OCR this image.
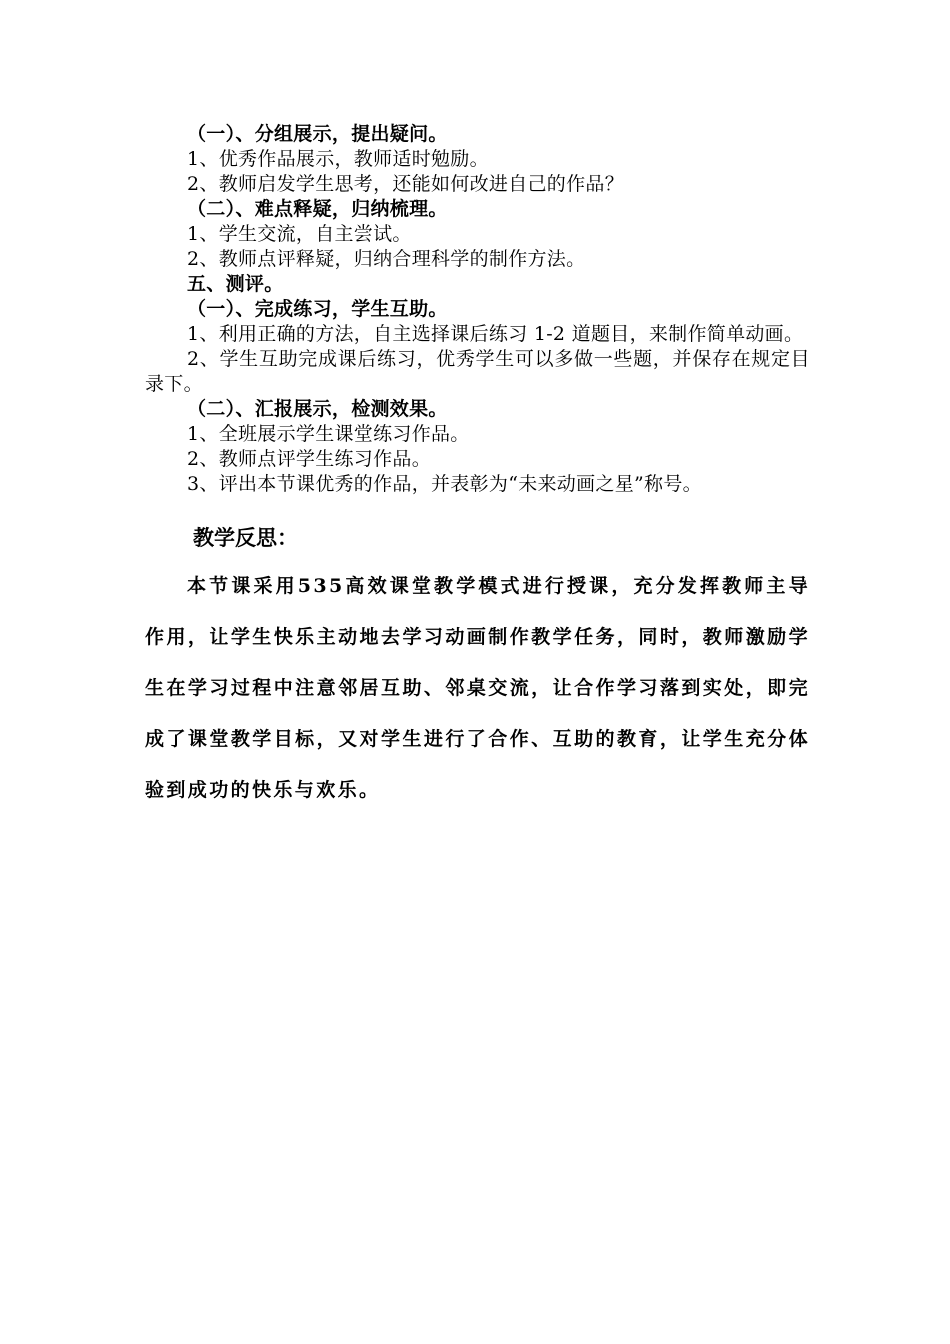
（一）、分组展示，提出疑问。
1、优秀作品展示，教师适时勉励。
2、教师启发学生思考，还能如何改进自己的作品？
（二）、难点释疑，归纳梳理。
1、学生交流，自主尝试。
2、教师点评释疑，归纳合理科学的制作方法。
五、测评。
（一）、完成练习，学生互助。
1、利用正确的方法，自主选择课后练习 1-2 道题目，来制作简单动画。
2、学生互助完成课后练习，优秀学生可以多做一些题，并保存在规定目录下。
（二）、汇报展示，检测效果。
1、全班展示学生课堂练习作品。
2、教师点评学生练习作品。
3、评出本节课优秀的作品，并表彰为“未来动画之星”称号。
教学反思：
本节课采用535高效课堂教学模式进行授课，充分发挥教师主导作用，让学生快乐主动地去学习动画制作教学任务，同时，教师激励学生在学习过程中注意邻居互助、邻桌交流，让合作学习落到实处，即完成了课堂教学目标，又对学生进行了合作、互助的教育，让学生充分体验到成功的快乐与欢乐。
